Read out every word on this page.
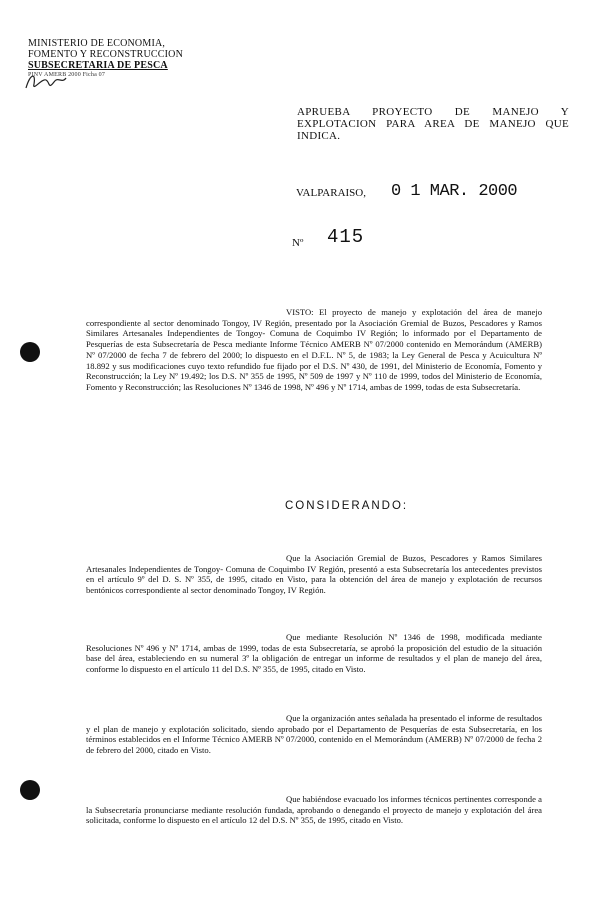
MINISTERIO DE ECONOMIA,
FOMENTO Y RECONSTRUCCION
SUBSECRETARIA DE PESCA
PINV AMERB 2000 Ficha 07
APRUEBA PROYECTO DE MANEJO Y EXPLOTACION PARA AREA DE MANEJO QUE INDICA.
VALPARAISO, 0 1 MAR. 2000
Nº 415
VISTO: El proyecto de manejo y explotación del área de manejo correspondiente al sector denominado Tongoy, IV Región, presentado por la Asociación Gremial de Buzos, Pescadores y Ramos Similares Artesanales Independientes de Tongoy- Comuna de Coquimbo IV Región; lo informado por el Departamento de Pesquerías de esta Subsecretaría de Pesca mediante Informe Técnico AMERB Nº 07/2000 contenido en Memorándum (AMERB) Nº 07/2000 de fecha 7 de febrero del 2000; lo dispuesto en el D.F.L. Nº 5, de 1983; la Ley General de Pesca y Acuicultura Nº 18.892 y sus modificaciones cuyo texto refundido fue fijado por el D.S. Nº 430, de 1991, del Ministerio de Economía, Fomento y Reconstrucción; la Ley Nº 19.492; los D.S. Nº 355 de 1995, Nº 509 de 1997 y Nº 110 de 1999, todos del Ministerio de Economía, Fomento y Reconstrucción; las Resoluciones Nº 1346 de 1998, Nº 496 y Nº 1714, ambas de 1999, todas de esta Subsecretaría.
CONSIDERANDO:
Que la Asociación Gremial de Buzos, Pescadores y Ramos Similares Artesanales Independientes de Tongoy- Comuna de Coquimbo IV Región, presentó a esta Subsecretaría los antecedentes previstos en el artículo 9º del D. S. Nº 355, de 1995, citado en Visto, para la obtención del área de manejo y explotación de recursos bentónicos correspondiente al sector denominado Tongoy, IV Región.
Que mediante Resolución Nº 1346 de 1998, modificada mediante Resoluciones Nº 496 y Nº 1714, ambas de 1999, todas de esta Subsecretaría, se aprobó la proposición del estudio de la situación base del área, estableciendo en su numeral 3º la obligación de entregar un informe de resultados y el plan de manejo del área, conforme lo dispuesto en el artículo 11 del D.S. Nº 355, de 1995, citado en Visto.
Que la organización antes señalada ha presentado el informe de resultados y el plan de manejo y explotación solicitado, siendo aprobado por el Departamento de Pesquerías de esta Subsecretaría, en los términos establecidos en el Informe Técnico AMERB Nº 07/2000, contenido en el Memorándum (AMERB) Nº 07/2000 de fecha 2 de febrero del 2000, citado en Visto.
Que habiéndose evacuado los informes técnicos pertinentes corresponde a la Subsecretaría pronunciarse mediante resolución fundada, aprobando o denegando el proyecto de manejo y explotación del área solicitada, conforme lo dispuesto en el artículo 12 del D.S. Nº 355, de 1995, citado en Visto.
